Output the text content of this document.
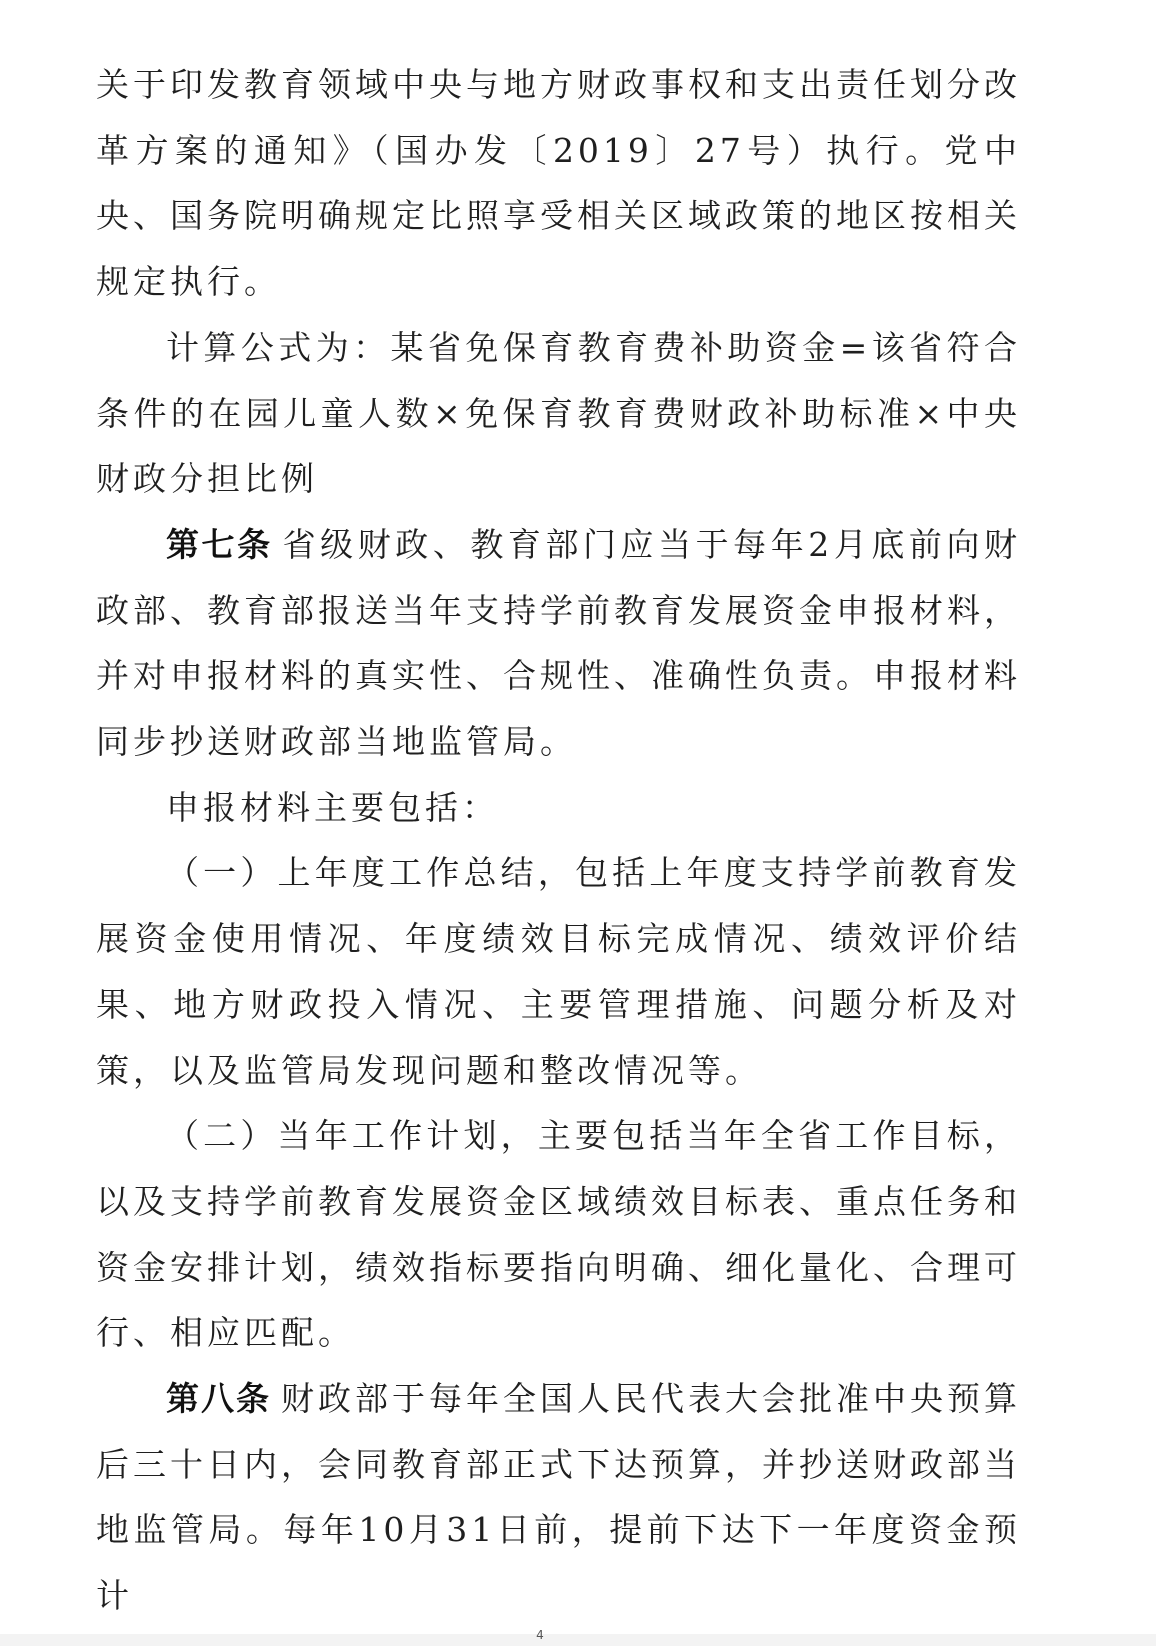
关于印发教育领域中央与地方财政事权和支出责任划分改革方案的通知》（国办发〔2019〕27号）执行。党中央、国务院明确规定比照享受相关区域政策的地区按相关规定执行。

计算公式为：某省免保育教育费补助资金=该省符合条件的在园儿童人数×免保育教育费财政补助标准×中央财政分担比例

第七条 省级财政、教育部门应当于每年2月底前向财政部、教育部报送当年支持学前教育发展资金申报材料，并对申报材料的真实性、合规性、准确性负责。申报材料同步抄送财政部当地监管局。

申报材料主要包括：

（一）上年度工作总结，包括上年度支持学前教育发展资金使用情况、年度绩效目标完成情况、绩效评价结果、地方财政投入情况、主要管理措施、问题分析及对策，以及监管局发现问题和整改情况等。

（二）当年工作计划，主要包括当年全省工作目标，以及支持学前教育发展资金区域绩效目标表、重点任务和资金安排计划，绩效指标要指向明确、细化量化、合理可行、相应匹配。

第八条 财政部于每年全国人民代表大会批准中央预算后三十日内，会同教育部正式下达预算，并抄送财政部当地监管局。每年10月31日前，提前下达下一年度资金预计

4
